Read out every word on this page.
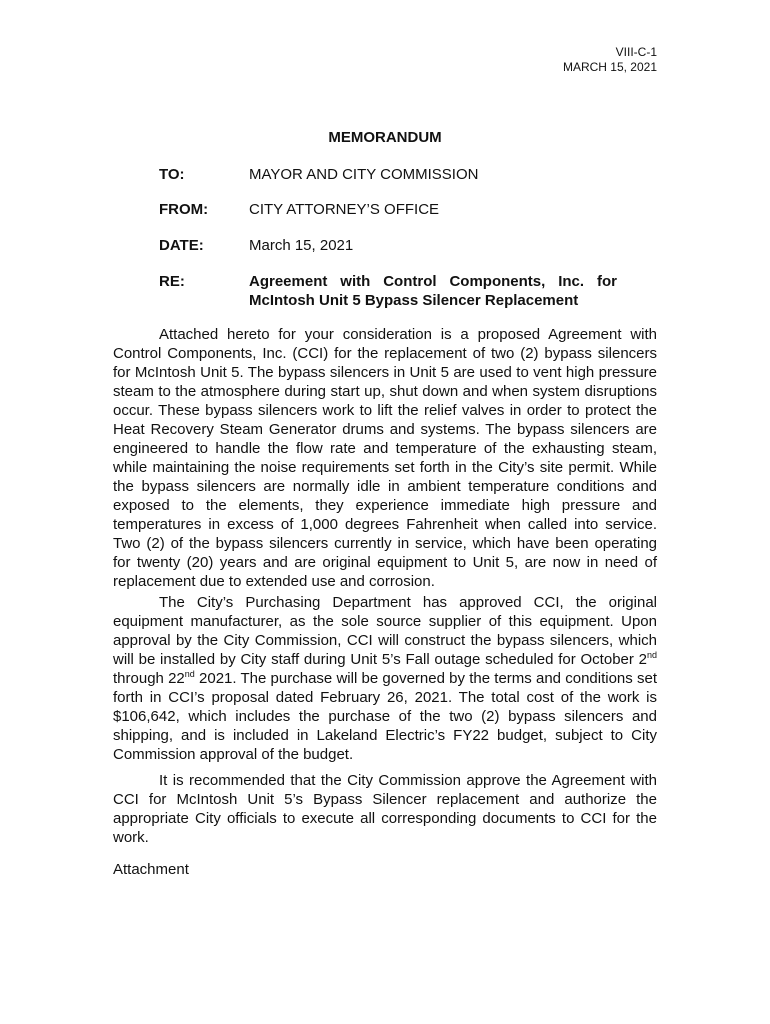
VIII-C-1
MARCH 15, 2021
MEMORANDUM
TO:	MAYOR AND CITY COMMISSION
FROM:	CITY ATTORNEY’S OFFICE
DATE:	March 15, 2021
RE:	Agreement with Control Components, Inc. for
McIntosh Unit 5 Bypass Silencer Replacement

Attached hereto for your consideration is a proposed Agreement with Control Components, Inc. (CCI) for the replacement of two (2) bypass silencers for McIntosh Unit 5. The bypass silencers in Unit 5 are used to vent high pressure steam to the atmosphere during start up, shut down and when system disruptions occur. These bypass silencers work to lift the relief valves in order to protect the Heat Recovery Steam Generator drums and systems. The bypass silencers are engineered to handle the flow rate and temperature of the exhausting steam, while maintaining the noise requirements set forth in the City’s site permit. While the bypass silencers are normally idle in ambient temperature conditions and exposed to the elements, they experience immediate high pressure and temperatures in excess of 1,000 degrees Fahrenheit when called into service. Two (2) of the bypass silencers currently in service, which have been operating for twenty (20) years and are original equipment to Unit 5, are now in need of replacement due to extended use and corrosion.

The City’s Purchasing Department has approved CCI, the original equipment manufacturer, as the sole source supplier of this equipment. Upon approval by the City Commission, CCI will construct the bypass silencers, which will be installed by City staff during Unit 5’s Fall outage scheduled for October 2nd through 22nd 2021. The purchase will be governed by the terms and conditions set forth in CCI’s proposal dated February 26, 2021. The total cost of the work is $106,642, which includes the purchase of the two (2) bypass silencers and shipping, and is included in Lakeland Electric’s FY22 budget, subject to City Commission approval of the budget.

It is recommended that the City Commission approve the Agreement with CCI for McIntosh Unit 5’s Bypass Silencer replacement and authorize the appropriate City officials to execute all corresponding documents to CCI for the work.

Attachment
